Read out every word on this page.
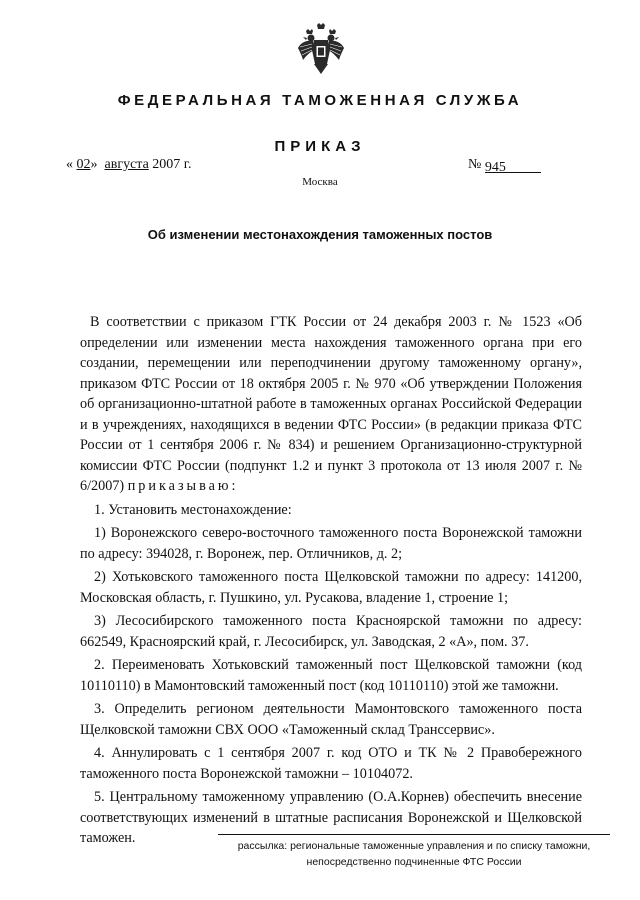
ФЕДЕРАЛЬНАЯ ТАМОЖЕННАЯ СЛУЖБА
ПРИКАЗ
« 02» августа 2007 г.	№ 945
Москва
Об изменении местонахождения таможенных постов

В соответствии с приказом ГТК России от 24 декабря 2003 г. № 1523 «Об определении или изменении места нахождения таможенного органа при его создании, перемещении или переподчинении другому таможенному органу», приказом ФТС России от 18 октября 2005 г. № 970 «Об утверждении Положения об организационно-штатной работе в таможенных органах Российской Федерации и в учреждениях, находящихся в ведении ФТС России» (в редакции приказа ФТС России от 1 сентября 2006 г. № 834) и решением Организационно-структурной комиссии ФТС России (подпункт 1.2 и пункт 3 протокола от 13 июля 2007 г. № 6/2007) приказываю:

1. Установить местонахождение:

1) Воронежского северо-восточного таможенного поста Воронежской таможни по адресу: 394028, г. Воронеж, пер. Отличников, д. 2;

2) Хотьковского таможенного поста Щелковской таможни по адресу: 141200, Московская область, г. Пушкино, ул. Русакова, владение 1, строение 1;

3) Лесосибирского таможенного поста Красноярской таможни по адресу: 662549, Красноярский край, г. Лесосибирск, ул. Заводская, 2 «А», пом. 37.

2. Переименовать Хотьковский таможенный пост Щелковской таможни (код 10110110) в Мамонтовский таможенный пост (код 10110110) этой же таможни.

3. Определить регионом деятельности Мамонтовского таможенного поста Щелковской таможни СВХ ООО «Таможенный склад Транссервис».

4. Аннулировать с 1 сентября 2007 г. код ОТО и ТК № 2 Правобережного таможенного поста Воронежской таможни – 10104072.

5. Центральному таможенному управлению (О.А.Корнев) обеспечить внесение соответствующих изменений в штатные расписания Воронежской и Щелковской таможен.	рассылка: региональные таможенные управления и по списку таможни,
непосредственно подчиненные ФТС России
